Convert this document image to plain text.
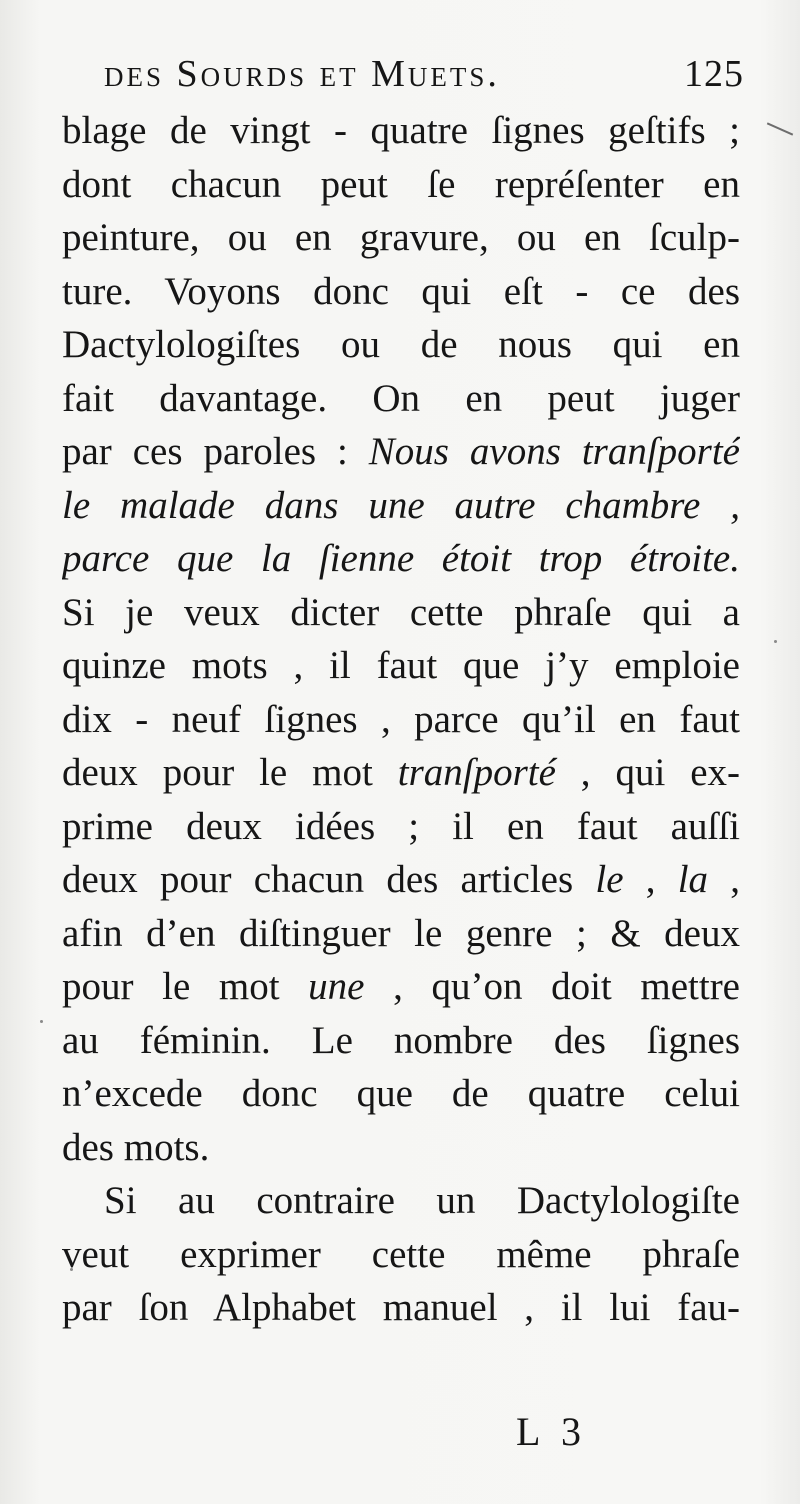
des Sourds et Muets.	125
blage de vingt - quatre ſignes geſtifs ;
dont chacun peut ſe repréſenter en
peinture, ou en gravure, ou en ſculp-
ture. Voyons donc qui eſt - ce des
Dactylologiſtes ou de nous qui en
fait davantage. On en peut juger
par ces paroles : Nous avons tranſporté
le malade dans une autre chambre ,
parce que la ſienne étoit trop étroite.
Si je veux dicter cette phraſe qui a
quinze mots , il faut que j’y emploie
dix - neuf ſignes , parce qu’il en faut
deux pour le mot tranſporté , qui ex-
prime deux idées ; il en faut auſſi
deux pour chacun des articles le , la ,
afin d’en diſtinguer le genre ; & deux
pour le mot une , qu’on doit mettre
au féminin. Le nombre des ſignes
n’excede donc que de quatre celui
des mots.
Si au contraire un Dactylologiſte
veut exprimer cette même phraſe
par ſon Alphabet manuel , il lui fau-
L 3
